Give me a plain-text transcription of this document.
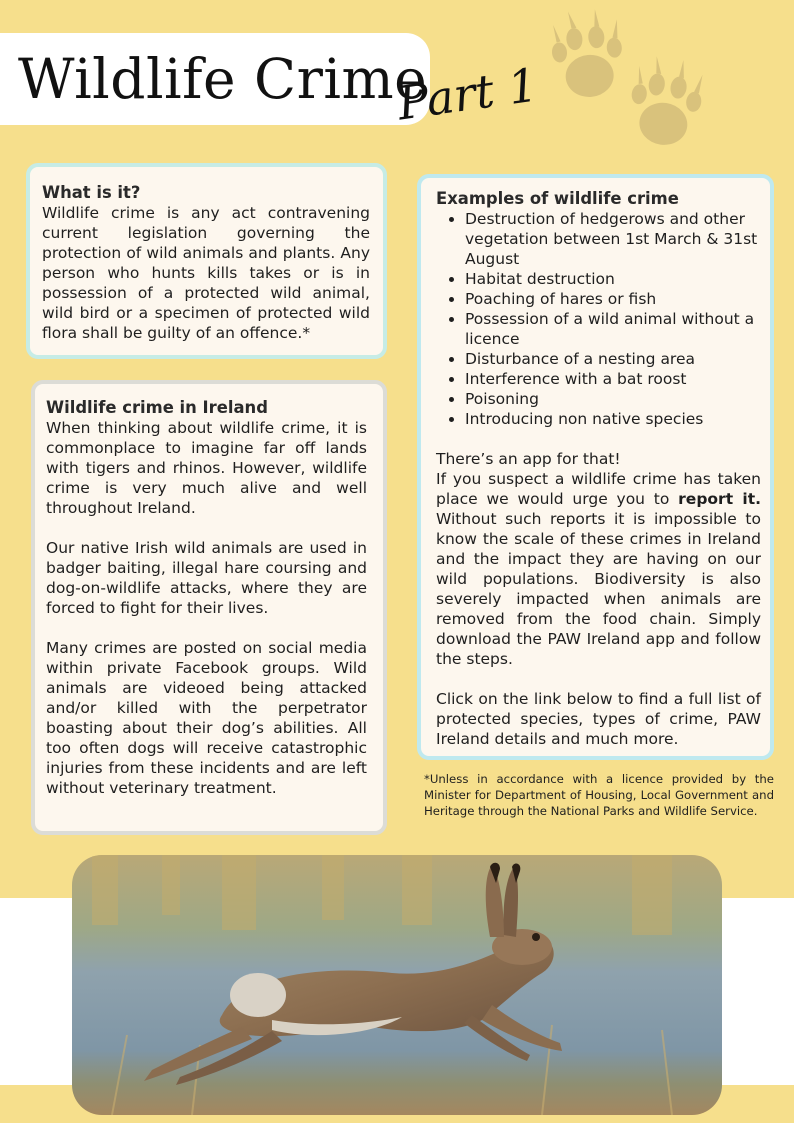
Wildlife Crime
Part 1
What is it?

Wildlife crime is any act contravening current legislation governing the protection of wild animals and plants. Any person who hunts kills takes or is in possession of a protected wild animal, wild bird or a specimen of protected wild flora shall be guilty of an offence.*

Wildlife crime in Ireland

When thinking about wildlife crime, it is commonplace to imagine far off lands with tigers and rhinos. However, wildlife crime is very much alive and well throughout Ireland.

Our native Irish wild animals are used in badger baiting, illegal hare coursing and dog-on-wildlife attacks, where they are forced to fight for their lives.

Many crimes are posted on social media within private Facebook groups. Wild animals are videoed being attacked and/or killed with the perpetrator boasting about their dog’s abilities. All too often dogs will receive catastrophic injuries from these incidents and are left without veterinary treatment.

Examples of wildlife crime
• Destruction of hedgerows and other vegetation between 1st March & 31st August
• Habitat destruction
• Poaching of hares or fish
• Possession of a wild animal without a licence
• Disturbance of a nesting area
• Interference with a bat roost
• Poisoning
• Introducing non native species

There’s an app for that!

If you suspect a wildlife crime has taken place we would urge you to report it. Without such reports it is impossible to know the scale of these crimes in Ireland and the impact they are having on our wild populations. Biodiversity is also severely impacted when animals are removed from the food chain. Simply download the PAW Ireland app and follow the steps.

Click on the link below to find a full list of protected species, types of crime, PAW Ireland details and much more.

*Unless in accordance with a licence provided by the Minister for Department of Housing, Local Government and Heritage through the National Parks and Wildlife Service.
